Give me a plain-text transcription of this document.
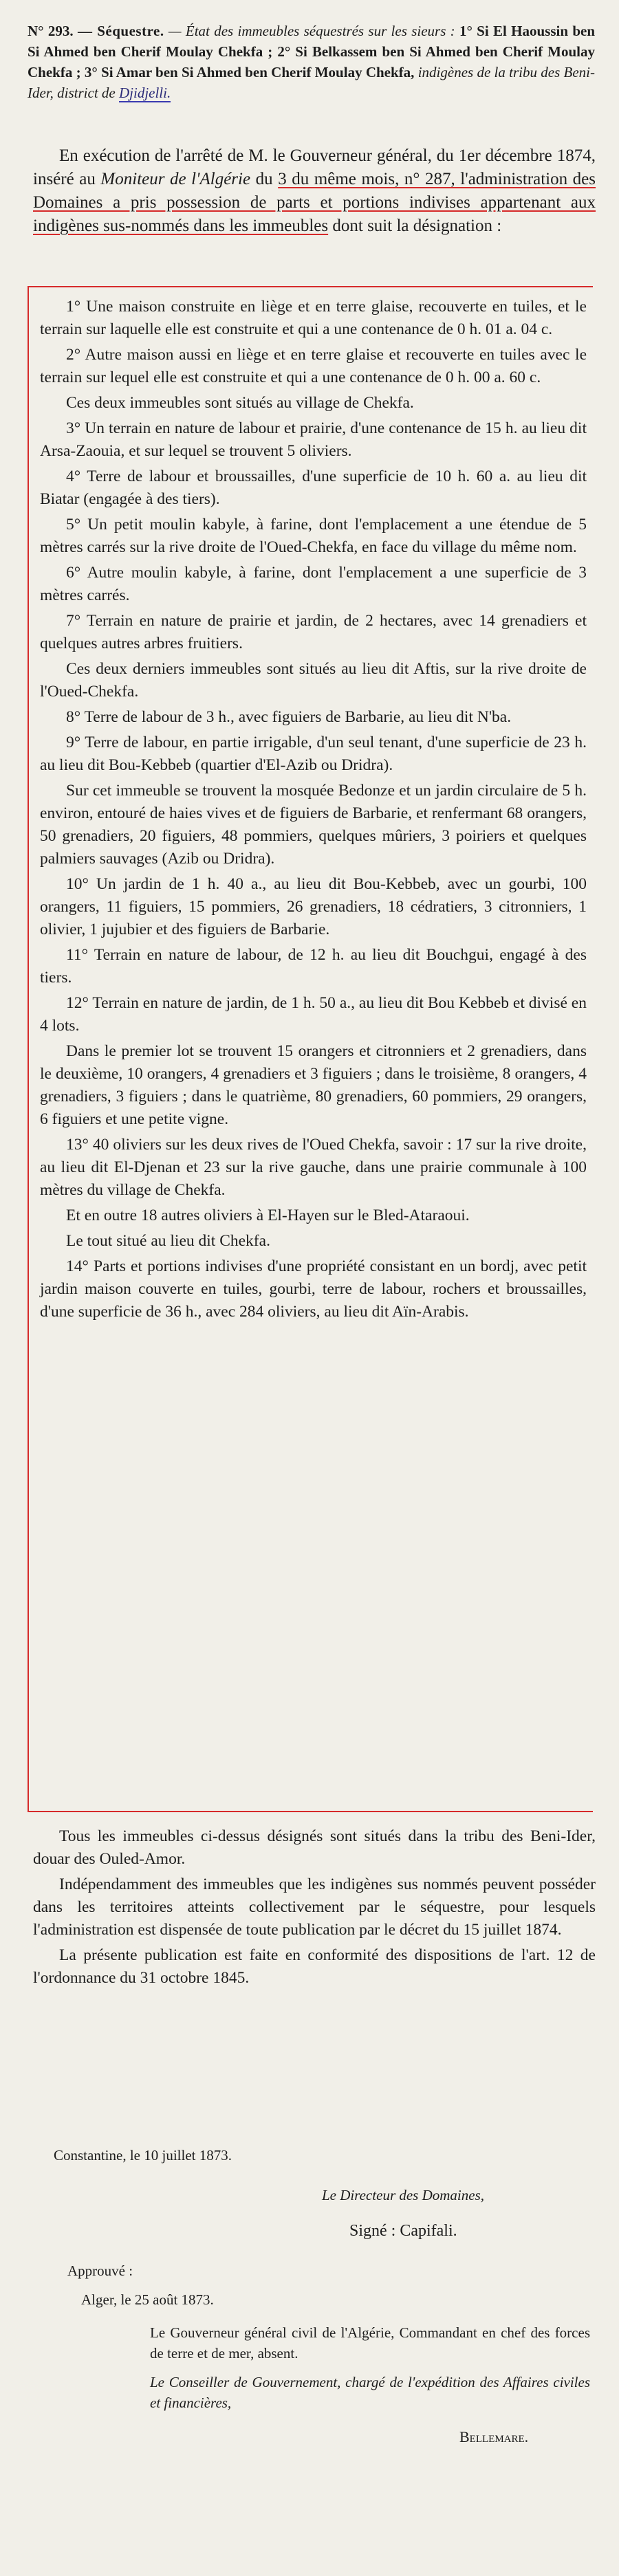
N° 293. — Séquestre. — État des immeubles séquestrés sur les sieurs : 1° Si El Haoussin ben Si Ahmed ben Cherif Moulay Chekfa ; 2° Si Belkassem ben Si Ahmed ben Cherif Moulay Chekfa ; 3° Si Amar ben Si Ahmed ben Cherif Moulay Chekfa, indigènes de la tribu des Beni-Ider, district de Djidjelli.
En exécution de l'arrêté de M. le Gouverneur général, du 1er décembre 1874, inséré au Moniteur de l'Algérie du 3 du même mois, n° 287, l'administration des Domaines a pris possession de parts et portions indivises appartenant aux indigènes sus-nommés dans les immeubles dont suit la désignation :

1° Une maison construite en liège et en terre glaise, recouverte en tuiles, et le terrain sur laquelle elle est construite et qui a une contenance de 0 h. 01 a. 04 c.

2° Autre maison aussi en liège et en terre glaise et recouverte en tuiles avec le terrain sur lequel elle est construite et qui a une contenance de 0 h. 00 a. 60 c.

Ces deux immeubles sont situés au village de Chekfa.

3° Un terrain en nature de labour et prairie, d'une contenance de 15 h. au lieu dit Arsa-Zaouia, et sur lequel se trouvent 5 oliviers.

4° Terre de labour et broussailles, d'une superficie de 10 h. 60 a. au lieu dit Biatar (engagée à des tiers).

5° Un petit moulin kabyle, à farine, dont l'emplacement a une étendue de 5 mètres carrés sur la rive droite de l'Oued-Chekfa, en face du village du même nom.

6° Autre moulin kabyle, à farine, dont l'emplacement a une superficie de 3 mètres carrés.

7° Terrain en nature de prairie et jardin, de 2 hectares, avec 14 grenadiers et quelques autres arbres fruitiers.

Ces deux derniers immeubles sont situés au lieu dit Aftis, sur la rive droite de l'Oued-Chekfa.

8° Terre de labour de 3 h., avec figuiers de Barbarie, au lieu dit N'ba.

9° Terre de labour, en partie irrigable, d'un seul tenant, d'une superficie de 23 h. au lieu dit Bou-Kebbeb (quartier d'El-Azib ou Dridra).

Sur cet immeuble se trouvent la mosquée Bedonze et un jardin circulaire de 5 h. environ, entouré de haies vives et de figuiers de Barbarie, et renfermant 68 orangers, 50 grenadiers, 20 figuiers, 48 pommiers, quelques mûriers, 3 poiriers et quelques palmiers sauvages (Azib ou Dridra).

10° Un jardin de 1 h. 40 a., au lieu dit Bou-Kebbeb, avec un gourbi, 100 orangers, 11 figuiers, 15 pommiers, 26 grenadiers, 18 cédratiers, 3 citronniers, 1 olivier, 1 jujubier et des figuiers de Barbarie.

11° Terrain en nature de labour, de 12 h. au lieu dit Bouchgui, engagé à des tiers.

12° Terrain en nature de jardin, de 1 h. 50 a., au lieu dit Bou Kebbeb et divisé en 4 lots.

Dans le premier lot se trouvent 15 orangers et citronniers et 2 grenadiers, dans le deuxième, 10 orangers, 4 grenadiers et 3 figuiers ; dans le troisième, 8 orangers, 4 grenadiers, 3 figuiers ; dans le quatrième, 80 grenadiers, 60 pommiers, 29 orangers, 6 figuiers et une petite vigne.

13° 40 oliviers sur les deux rives de l'Oued Chekfa, savoir : 17 sur la rive droite, au lieu dit El-Djenan et 23 sur la rive gauche, dans une prairie communale à 100 mètres du village de Chekfa.

Et en outre 18 autres oliviers à El-Hayen sur le Bled-Ataraoui.

Le tout situé au lieu dit Chekfa.

14° Parts et portions indivises d'une propriété consistant en un bordj, avec petit jardin maison couverte en tuiles, gourbi, terre de labour, rochers et broussailles, d'une superficie de 36 h., avec 284 oliviers, au lieu dit Aïn-Arabis.

Tous les immeubles ci-dessus désignés sont situés dans la tribu des Beni-Ider, douar des Ouled-Amor.

Indépendamment des immeubles que les indigènes sus nommés peuvent posséder dans les territoires atteints collectivement par le séquestre, pour lesquels l'administration est dispensée de toute publication par le décret du 15 juillet 1874.

La présente publication est faite en conformité des dispositions de l'art. 12 de l'ordonnance du 31 octobre 1845.

Constantine, le 10 juillet 1873.
Le Directeur des Domaines,
Signé : Capifali.
Approuvé :
Alger, le 25 août 1873.
Le Gouverneur général civil de l'Algérie, Commandant en chef des forces de terre et de mer, absent.
Le Conseiller de Gouvernement, chargé de l'expédition des Affaires civiles et financières,
Bellemare.
